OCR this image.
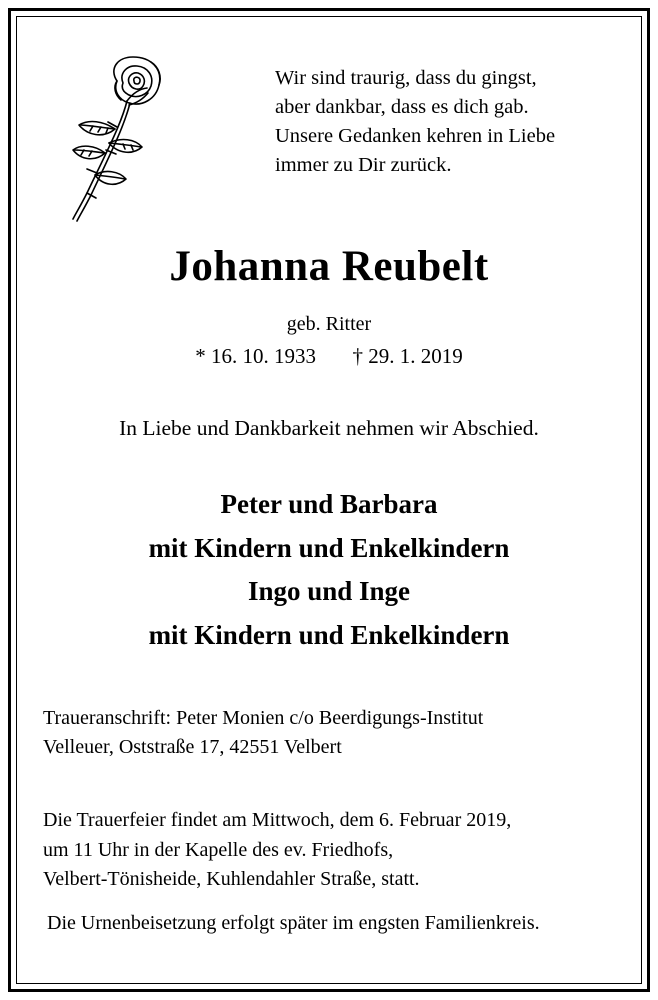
Wir sind traurig, dass du gingst,
aber dankbar, dass es dich gab.
Unsere Gedanken kehren in Liebe
immer zu Dir zurück.
Johanna Reubelt
geb. Ritter
* 16. 10. 1933 † 29. 1. 2019
In Liebe und Dankbarkeit nehmen wir Abschied.
Peter und Barbara
mit Kindern und Enkelkindern
Ingo und Inge
mit Kindern und Enkelkindern
Traueranschrift: Peter Monien c/o Beerdigungs-Institut
Velleuer, Oststraße 17, 42551 Velbert
Die Trauerfeier findet am Mittwoch, dem 6. Februar 2019,
um 11 Uhr in der Kapelle des ev. Friedhofs,
Velbert-Tönisheide, Kuhlendahler Straße, statt.
Die Urnenbeisetzung erfolgt später im engsten Familienkreis.
